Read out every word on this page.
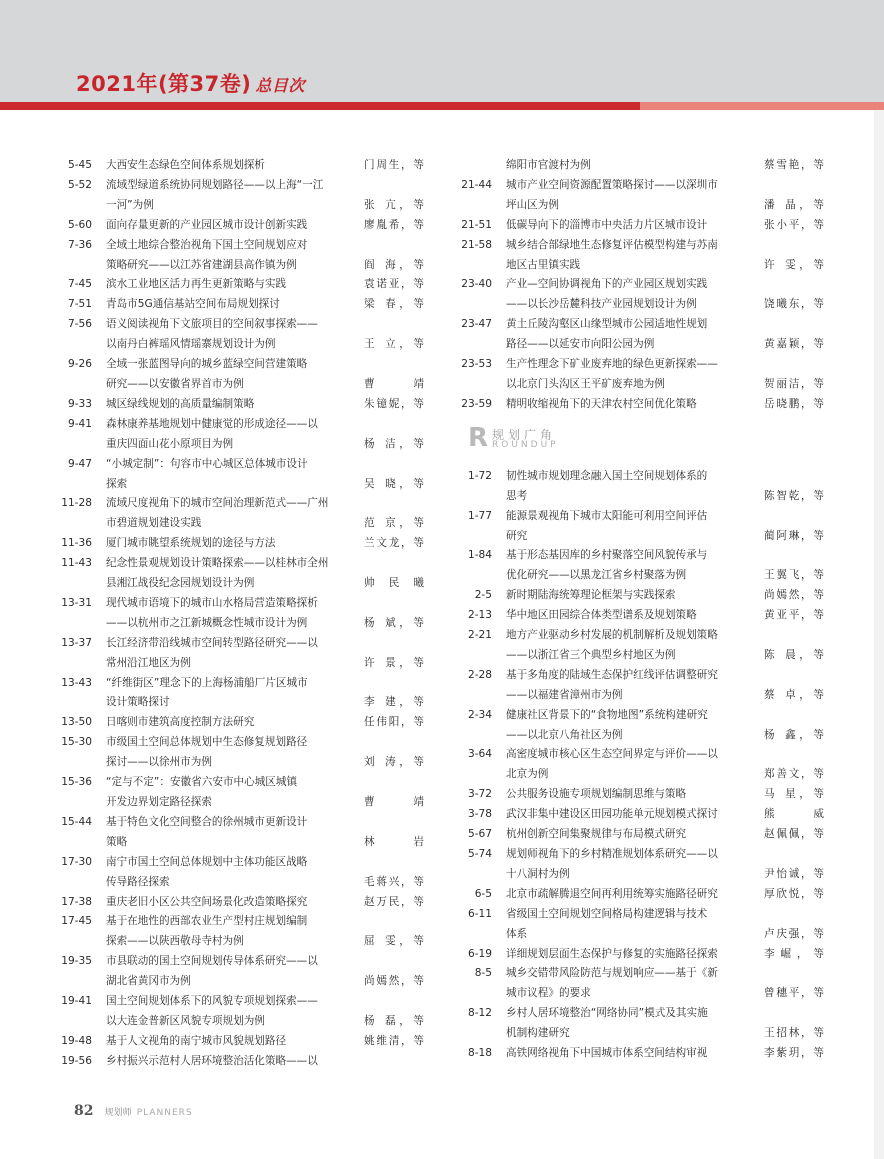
2021年(第37卷) 总目次
5-45 大西安生态绿色空间体系规划探析	门周生，等
5-52 流域型绿道系统协同规划路径——以上海“一江
一河”为例	张 亢，等
5-60 面向存量更新的产业园区城市设计创新实践	廖胤希，等
7-36 全域土地综合整治视角下国土空间规划应对
策略研究——以江苏省建湖县高作镇为例	阎 海，等
7-45 滨水工业地区活力再生更新策略与实践	袁诺亚，等
7-51 青岛市5G通信基站空间布局规划探讨	梁 春，等
7-56 语义阅读视角下文旅项目的空间叙事探索——
以南丹白裤瑶风情瑶寨规划设计为例	王 立，等
9-26 全域一张蓝图导向的城乡蓝绿空间营建策略
研究——以安徽省界首市为例	曹 靖
9-33 城区绿线规划的高质量编制策略	朱镱妮，等
9-41 森林康养基地规划中健康觉的形成途径——以
重庆四面山花小原项目为例	杨 洁，等
9-47 “小城定制”：句容市中心城区总体城市设计
探索	吴 晓，等
11-28 流域尺度视角下的城市空间治理新范式——广州
市碧道规划建设实践	范 京，等
11-36 厦门城市眺望系统规划的途径与方法	兰文龙，等
11-43 纪念性景观规划设计策略探索——以桂林市全州
县湘江战役纪念园规划设计为例	帅民曦
13-31 现代城市语境下的城市山水格局营造策略探析
——以杭州市之江新城概念性城市设计为例	杨 斌，等
13-37 长江经济带沿线城市空间转型路径研究——以
常州沿江地区为例	许 景，等
13-43 “纤维街区”理念下的上海杨浦船厂片区城市
设计策略探讨	李 建，等
13-50 日喀则市建筑高度控制方法研究	任伟阳，等
15-30 市级国土空间总体规划中生态修复规划路径
探讨——以徐州市为例	刘 涛，等
15-36 “定与不定”：安徽省六安市中心城区城镇
开发边界划定路径探索	曹 靖
15-44 基于特色文化空间整合的徐州城市更新设计
策略	林 岩
17-30 南宁市国土空间总体规划中主体功能区战略
传导路径探索	毛蒋兴，等
17-38 重庆老旧小区公共空间场景化改造策略探究	赵万民，等
17-45 基于在地性的西部农业生产型村庄规划编制
探索——以陕西敬母寺村为例	屈 雯，等
19-35 市县联动的国土空间规划传导体系研究——以
湖北省黄冈市为例	尚嫣然，等
19-41 国土空间规划体系下的风貌专项规划探索——
以大连金普新区风貌专项规划为例	杨 磊，等
19-48 基于人文视角的南宁城市风貌规划路径	姚维清，等
19-56 乡村振兴示范村人居环境整治活化策略——以
绵阳市官渡村为例	蔡雪艳，等
21-44 城市产业空间资源配置策略探讨——以深圳市
坪山区为例	潘 晶，等
21-51 低碳导向下的淄博市中央活力片区城市设计	张小平，等
21-58 城乡结合部绿地生态修复评估模型构建与苏南
地区古里镇实践	许 雯，等
23-40 产业—空间协调视角下的产业园区规划实践
——以长沙岳麓科技产业园规划设计为例	饶曦东，等
23-47 黄土丘陵沟壑区山缘型城市公园适地性规划
路径——以延安市向阳公园为例	黄嘉颖，等
23-53 生产性理念下矿业废弃地的绿色更新探索——
以北京门头沟区王平矿废弃地为例	贺丽洁，等
23-59 精明收缩视角下的天津农村空间优化策略	岳晓鹏，等
R 规划广角
ROUNDUP
1-72 韧性城市规划理念融入国土空间规划体系的
思考	陈智乾，等
1-77 能源景观视角下城市太阳能可利用空间评估
研究	蔺阿琳，等
1-84 基于形态基因库的乡村聚落空间风貌传承与
优化研究——以黑龙江省乡村聚落为例	王翼飞，等
2-5 新时期陆海统筹理论框架与实践探索	尚嫣然，等
2-13 华中地区田园综合体类型谱系及规划策略	黄亚平，等
2-21 地方产业驱动乡村发展的机制解析及规划策略
——以浙江省三个典型乡村地区为例	陈 晨，等
2-28 基于多角度的陆域生态保护红线评估调整研究
——以福建省漳州市为例	蔡 卓，等
2-34 健康社区背景下的“食物地图”系统构建研究
——以北京八角社区为例	杨 鑫，等
3-64 高密度城市核心区生态空间界定与评价——以
北京为例	郑善文，等
3-72 公共服务设施专项规划编制思维与策略	马 星，等
3-78 武汉非集中建设区田园功能单元规划模式探讨	熊 威
5-67 杭州创新空间集聚规律与布局模式研究	赵佩佩，等
5-74 规划师视角下的乡村精准规划体系研究——以
十八洞村为例	尹怡诚，等
6-5 北京市疏解腾退空间再利用统筹实施路径研究	厚欣悦，等
6-11 省级国土空间规划空间格局构建逻辑与技术
体系	卢庆强，等
6-19 详细规划层面生态保护与修复的实施路径探索	李崛，等
8-5 城乡交错带风险防范与规划响应——基于《新
城市议程》的要求	曾穗平，等
8-12 乡村人居环境整治“网络协同”模式及其实施
机制构建研究	王招林，等
8-18 高铁网络视角下中国城市体系空间结构审视	李紫玥，等
82 规划师 PLANNERS
